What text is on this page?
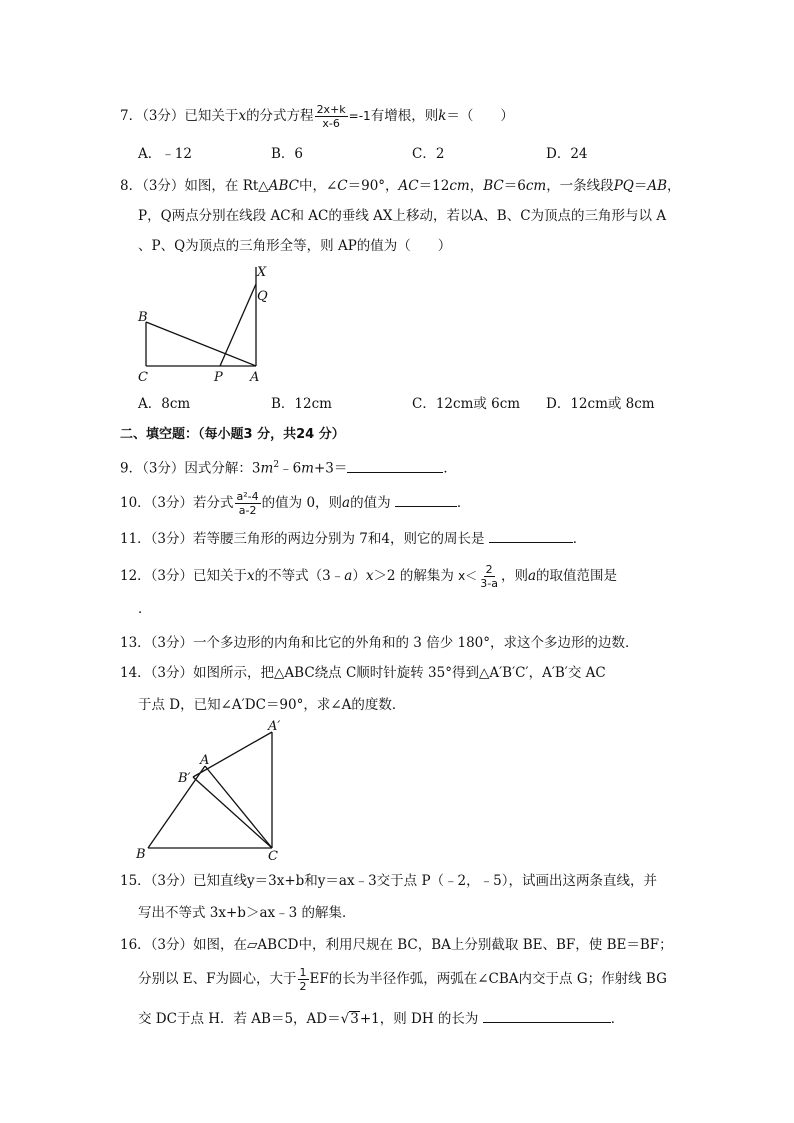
7．（3分）已知关于x的分式方程 $\frac{2x+k}{x-6} =-1$有增根，则k＝（　　）
A．﹣12	B．6	C．2	D．24
8．（3分）如图，在 Rt△ABC中，∠C＝90°，AC＝12cm，BC＝6cm，一条线段PQ＝AB，
P，Q两点分别在线段 AC和 AC的垂线 AX上移动，若以A、B、C为顶点的三角形与以 A
、P、Q为顶点的三角形全等，则 AP的值为（　　）
X
Q
B
C	P A
A．8cm	B．12cm	C．12cm或 6cm D．12cm或 8cm
二、填空题：（每小题3 分，共24 分）
9．（3分）因式分解：$3m^2﹣6m+3=$	．
10．（3分）若分式 $\frac{\text{a²-4}}{a-2}$ 的值为 0，则a的值为	．
11．（3分）若等腰三角形的两边分别为 7和4，则它的周长是	．
12．（3分）已知关于x的不等式（3﹣a）x＞2 的解集为 $x< \frac{2}{3-a}$ ，则a的取值范围是
．
13．（3分）一个多边形的内角和比它的外角和的 3 倍少 180°，求这个多边形的边数．
14．（3分）如图所示，把△ABC绕点 C顺时针旋转 35°得到△A′B′C′，A′B′交 AC
于点 D，已知∠A′DC＝90°，求∠A的度数．
A′
A
B′
B	C
15．（3分）已知直线y＝3x+b和y＝ax﹣3交于点 P（﹣2，﹣5），试画出这两条直线，并
写出不等式 3x+b＞ax﹣3 的解集．
16．（3分）如图，在▱ABCD中，利用尺规在 BC，BA上分别截取 BE、BF，使 BE＝BF；
分别以 E、F为圆心，大于 $\frac{1}{2}$ EF的长为半径作弧，两弧在∠CBA内交于点 G；作射线 BG
交 DC于点 H．若 AB＝5，AD＝√3+1，则 DH 的长为	．
